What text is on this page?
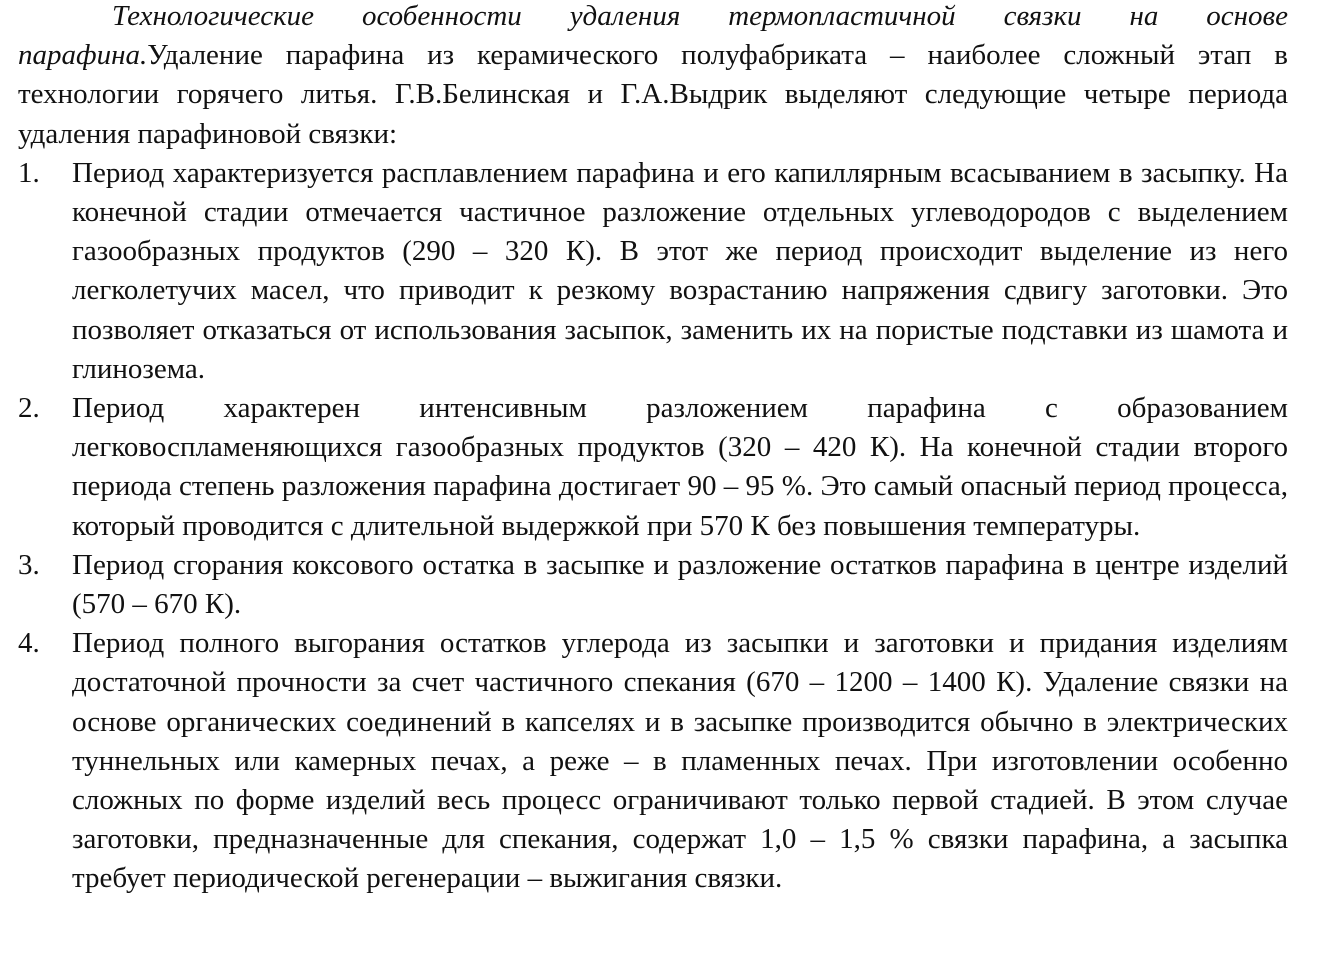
Технологические особенности удаления термопластичной связки на основе парафина.Удаление парафина из керамического полуфабриката – наиболее сложный этап в технологии горячего литья. Г.В.Белинская и Г.А.Выдрик выделяют следующие четыре периода удаления парафиновой связки:

1. Период характеризуется расплавлением парафина и его капиллярным всасыванием в засыпку. На конечной стадии отмечается частичное разложение отдельных углеводородов с выделением газообразных продуктов (290 – 320 К). В этот же период происходит выделение из него легколетучих масел, что приводит к резкому возрастанию напряжения сдвигу заготовки. Это позволяет отказаться от использования засыпок, заменить их на пористые подставки из шамота и глинозема.
2. Период характерен интенсивным разложением парафина с образованием легковоспламеняющихся газообразных продуктов (320 – 420 К). На конечной стадии второго периода степень разложения парафина достигает 90 – 95 %. Это самый опасный период процесса, который проводится с длительной выдержкой при 570 К без повышения температуры.
3. Период сгорания коксового остатка в засыпке и разложение остатков парафина в центре изделий (570 – 670 К).
4. Период полного выгорания остатков углерода из засыпки и заготовки и придания изделиям достаточной прочности за счет частичного спекания (670 – 1200 – 1400 К). Удаление связки на основе органических соединений в капселях и в засыпке производится обычно в электрических туннельных или камерных печах, а реже – в пламенных печах. При изготовлении особенно сложных по форме изделий весь процесс ограничивают только первой стадией. В этом случае заготовки, предназначенные для спекания, содержат 1,0 – 1,5 % связки парафина, а засыпка требует периодической регенерации – выжигания связки.
